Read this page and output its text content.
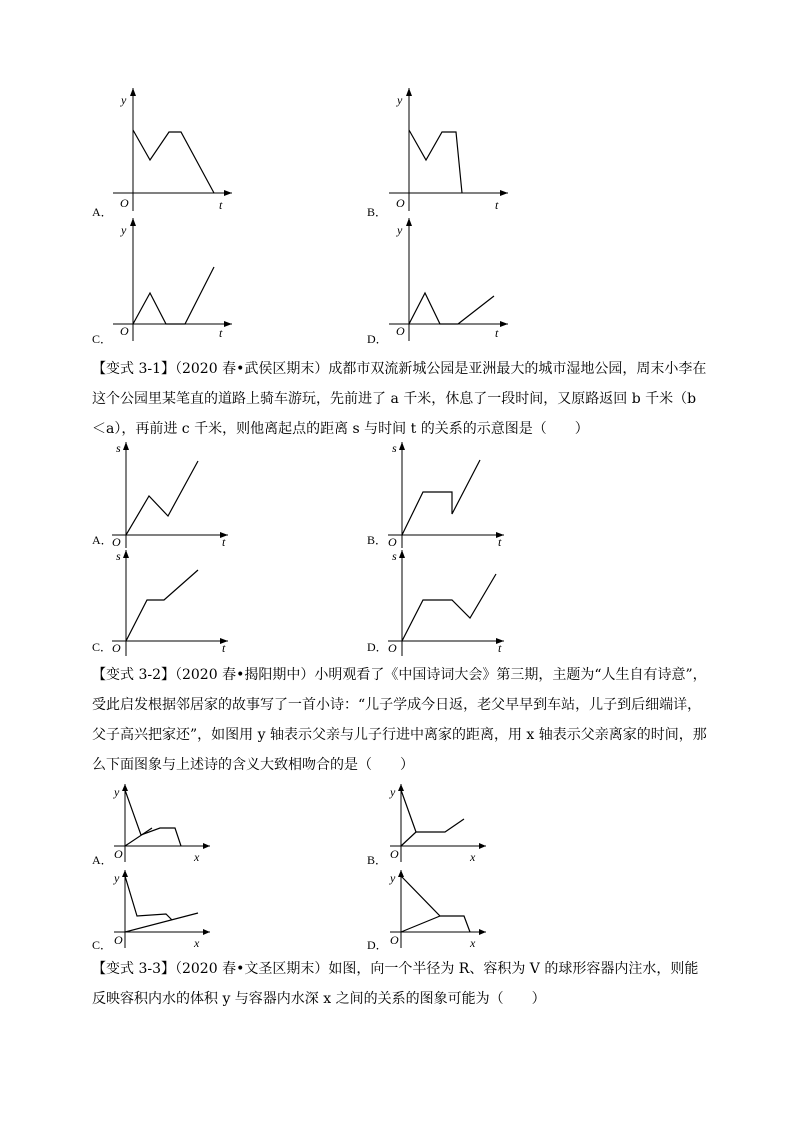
A．
y
O	t	B．
y
O	t
C．
y
O	t	D．
y
O	t
【变式 3-1】（2020 春•武侯区期末）成都市双流新城公园是亚洲最大的城市湿地公园，周末小李在这个公园里某笔直的道路上骑车游玩，先前进了 a 千米，休息了一段时间，又原路返回 b 千米（b＜a），再前进 c 千米，则他离起点的距离 s 与时间 t 的关系的示意图是（　　）
A．
s
O	t	B．
s
O	t
C．
s
O	t	D．
s
O	t
【变式 3-2】（2020 春•揭阳期中）小明观看了《中国诗词大会》第三期，主题为“人生自有诗意”，受此启发根据邻居家的故事写了一首小诗：“儿子学成今日返，老父早早到车站，儿子到后细端详，父子高兴把家还”，如图用 y 轴表示父亲与儿子行进中离家的距离，用 x 轴表示父亲离家的时间，那么下面图象与上述诗的含义大致相吻合的是（　　）
A．
y
O	x	B．
y
O	x
C．
y
O	x	D．
y
O	x
【变式 3-3】（2020 春•文圣区期末）如图，向一个半径为 R、容积为 V 的球形容器内注水，则能反映容积内水的体积 y 与容器内水深 x 之间的关系的图象可能为（　　）
